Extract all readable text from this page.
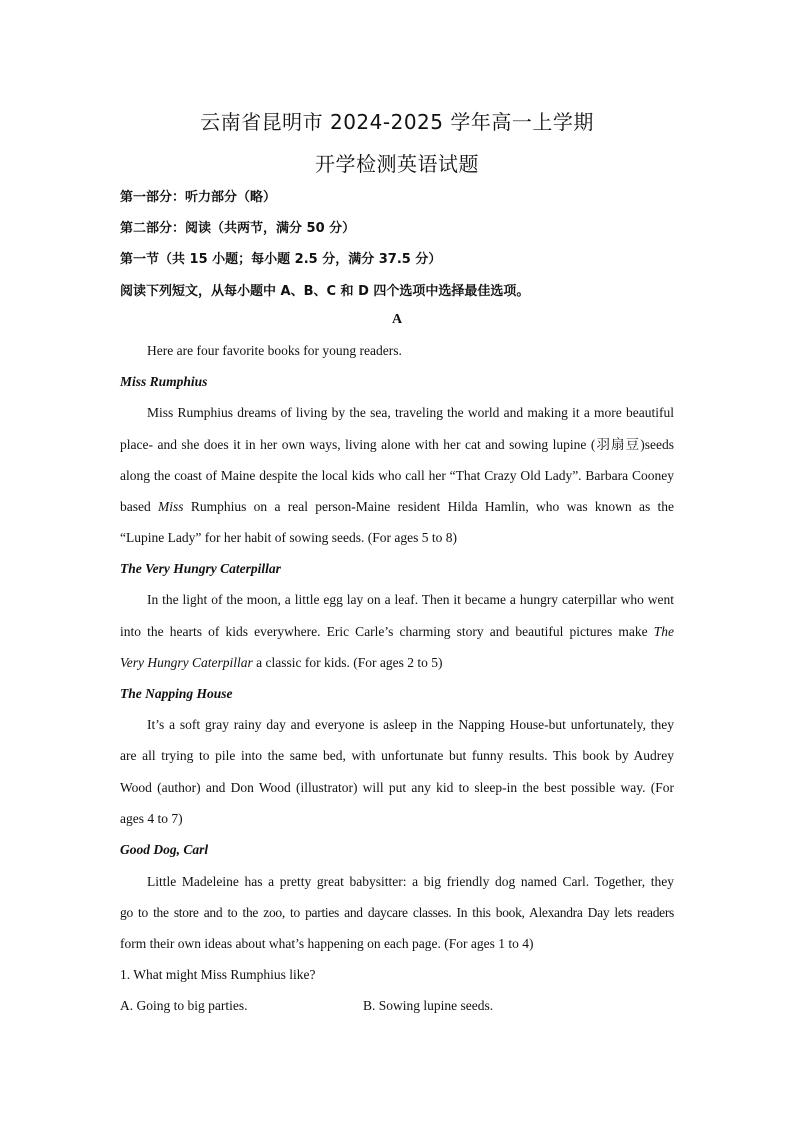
云南省昆明市 2024-2025 学年高一上学期
开学检测英语试题
第一部分：听力部分（略）
第二部分：阅读（共两节，满分 50 分）
第一节（共 15 小题；每小题 2.5 分，满分 37.5 分）
阅读下列短文，从每小题中 A、B、C 和 D 四个选项中选择最佳选项。
A
Here are four favorite books for young readers.
Miss Rumphius
Miss Rumphius dreams of living by the sea, traveling the world and making it a more beautiful
place- and she does it in her own ways, living alone with her cat and sowing lupine (羽扇豆)seeds
along the coast of Maine despite the local kids who call her “That Crazy Old Lady”. Barbara Cooney
based Miss Rumphius on a real person-Maine resident Hilda Hamlin, who was known as the
“Lupine Lady” for her habit of sowing seeds. (For ages 5 to 8)
The Very Hungry Caterpillar
In the light of the moon, a little egg lay on a leaf. Then it became a hungry caterpillar who went
into the hearts of kids everywhere. Eric Carle’s charming story and beautiful pictures make The
Very Hungry Caterpillar a classic for kids. (For ages 2 to 5)
The Napping House
It’s a soft gray rainy day and everyone is asleep in the Napping House-but unfortunately, they
are all trying to pile into the same bed, with unfortunate but funny results. This book by Audrey
Wood (author) and Don Wood (illustrator) will put any kid to sleep-in the best possible way. (For
ages 4 to 7)
Good Dog, Carl
Little Madeleine has a pretty great babysitter: a big friendly dog named Carl. Together, they
go to the store and to the zoo, to parties and daycare classes. In this book, Alexandra Day lets readers
form their own ideas about what’s happening on each page. (For ages 1 to 4)
1. What might Miss Rumphius like?
A. Going to big parties.	B. Sowing lupine seeds.
